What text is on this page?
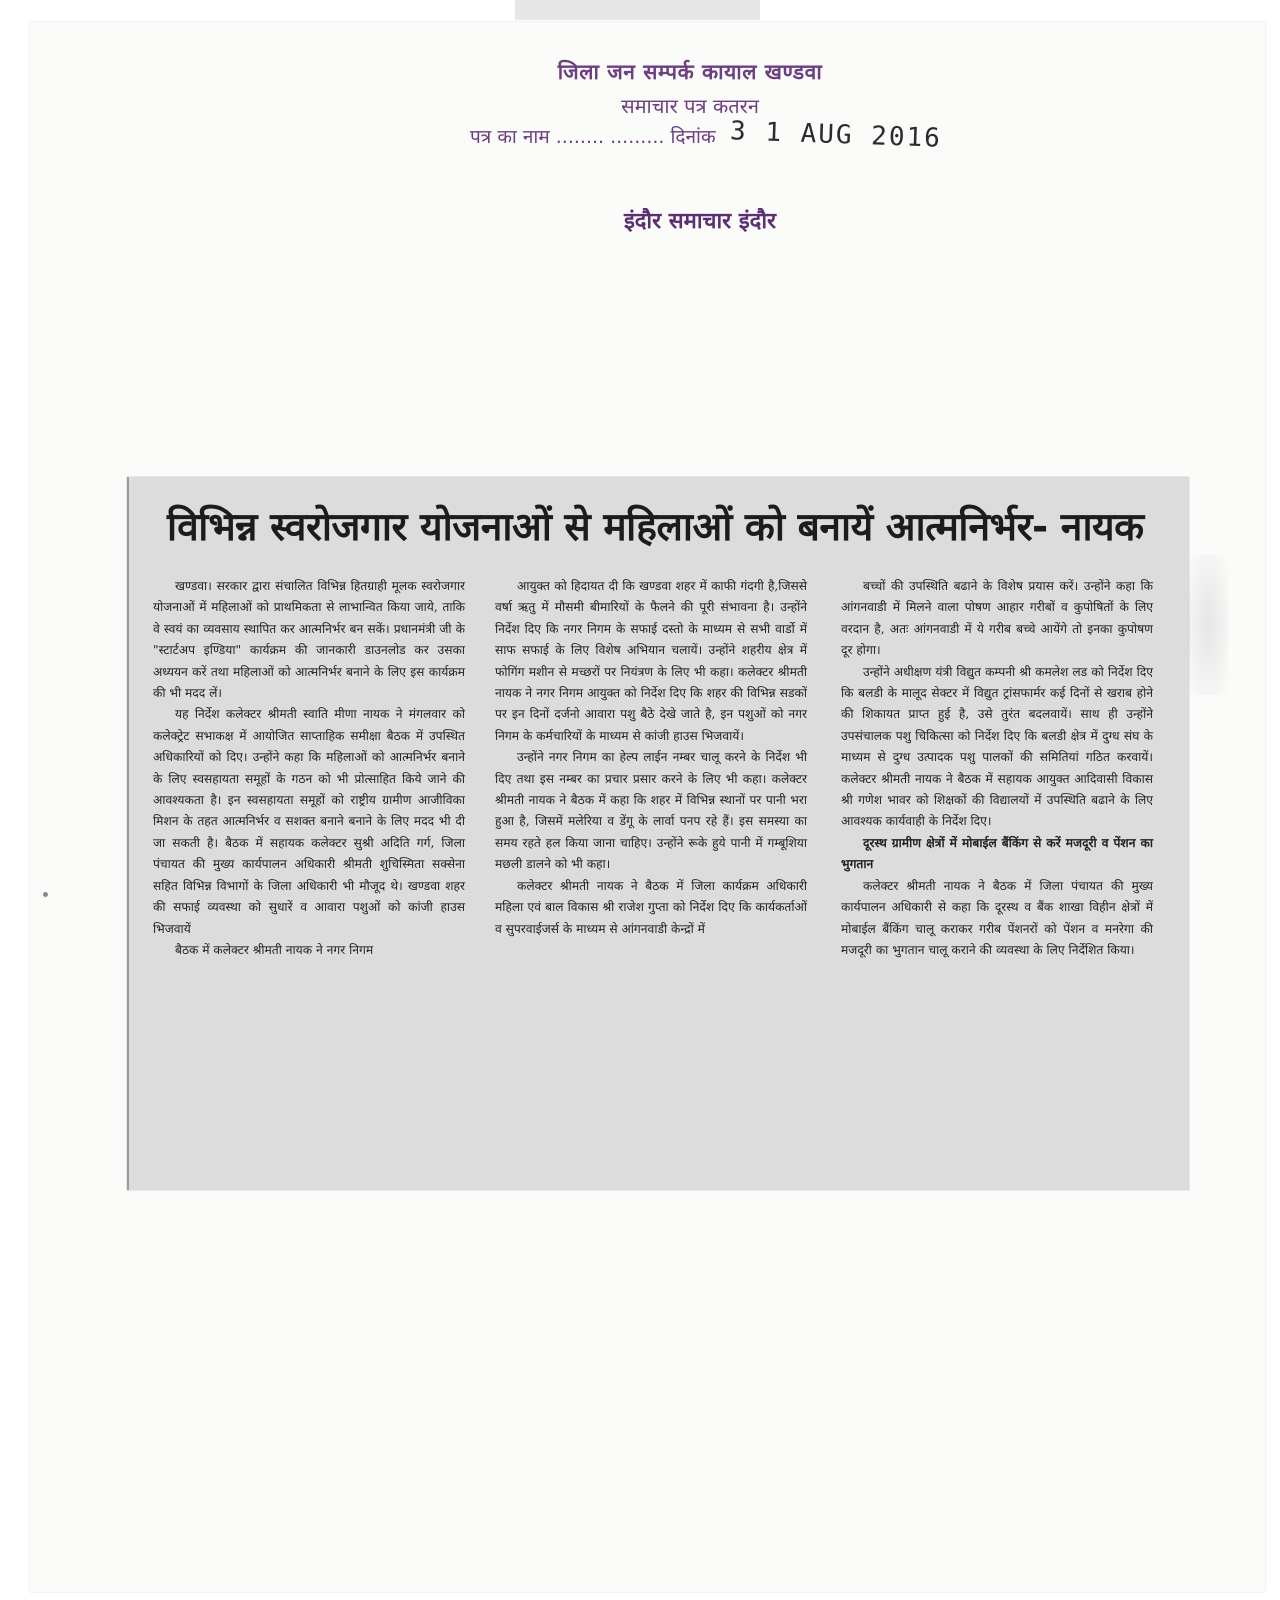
जिला जन सम्पर्क कायाल खण्डवा
समाचार पत्र कतरन
पत्र का नाम ........ ......... दिनांक 3 1 AUG 2016
इंदौर समाचार इंदौर
विभिन्न स्वरोजगार योजनाओं से महिलाओं को बनायें आत्मनिर्भर- नायक

खण्डवा। सरकार द्वारा संचालित विभिन्न हितग्राही मूलक स्वरोजगार योजनाओं में महिलाओं को प्राथमिकता से लाभान्वित किया जाये, ताकि वे स्वयं का व्यवसाय स्थापित कर आत्मनिर्भर बन सकें। प्रधानमंत्री जी के "स्टार्टअप इण्डिया" कार्यक्रम की जानकारी डाउनलोड कर उसका अध्ययन करें तथा महिलाओं को आत्मनिर्भर बनाने के लिए इस कार्यक्रम की भी मदद लें।

यह निर्देश कलेक्टर श्रीमती स्वाति मीणा नायक ने मंगलवार को कलेक्ट्रेट सभाकक्ष में आयोजित साप्ताहिक समीक्षा बैठक में उपस्थित अधिकारियों को दिए। उन्होंने कहा कि महिलाओं को आत्मनिर्भर बनाने के लिए स्वसहायता समूहों के गठन को भी प्रोत्साहित किये जाने की आवश्यकता है। इन स्वसहायता समूहों को राष्ट्रीय ग्रामीण आजीविका मिशन के तहत आत्मनिर्भर व सशक्त बनाने बनाने के लिए मदद भी दी जा सकती है। बैठक में सहायक कलेक्टर सुश्री अदिति गर्ग, जिला पंचायत की मुख्य कार्यपालन अधिकारी श्रीमती शुचिस्मिता सक्सेना सहित विभिन्न विभागों के जिला अधिकारी भी मौजूद थे। खण्डवा शहर की सफाई व्यवस्था को सुधारें व आवारा पशुओं को कांजी हाउस भिजवायें

बैठक में कलेक्टर श्रीमती नायक ने नगर निगम

आयुक्त को हिदायत दी कि खण्डवा शहर में काफी गंदगी है,जिससे वर्षा ऋतु में मौसमी बीमारियों के फैलने की पूरी संभावना है। उन्होंने निर्देश दिए कि नगर निगम के सफाई दस्तो के माध्यम से सभी वार्डो में साफ सफाई के लिए विशेष अभियान चलायें। उन्होंने शहरीय क्षेत्र में फोगिंग मशीन से मच्छरों पर नियंत्रण के लिए भी कहा। कलेक्टर श्रीमती नायक ने नगर निगम आयुक्त को निर्देश दिए कि शहर की विभिन्न सडकों पर इन दिनों दर्जनो आवारा पशु बैठे देखे जाते है, इन पशुओं को नगर निगम के कर्मचारियों के माध्यम से कांजी हाउस भिजवायें।

उन्होंने नगर निगम का हेल्प लाईन नम्बर चालू करने के निर्देश भी दिए तथा इस नम्बर का प्रचार प्रसार करने के लिए भी कहा। कलेक्टर श्रीमती नायक ने बैठक में कहा कि शहर में विभिन्न स्थानों पर पानी भरा हुआ है, जिसमें मलेरिया व डेंगू के लार्वा पनप रहे हैं। इस समस्या का समय रहते हल किया जाना चाहिए। उन्होंने रूके हुये पानी में गम्बूशिया मछली डालने को भी कहा।

कलेक्टर श्रीमती नायक ने बैठक में जिला कार्यक्रम अधिकारी महिला एवं बाल विकास श्री राजेश गुप्ता को निर्देश दिए कि कार्यकर्ताओं व सुपरवाईजर्स के माध्यम से आंगनवाडी केन्द्रों में

बच्चों की उपस्थिति बढाने के विशेष प्रयास करें। उन्होंने कहा कि आंगनवाडी में मिलने वाला पोषण आहार गरीबों व कुपोषितों के लिए वरदान है, अतः आंगनवाडी में ये गरीब बच्चे आयेंगे तो इनका कुपोषण दूर होगा।

उन्होंने अधीक्षण यंत्री विद्युत कम्पनी श्री कमलेश लड को निर्देश दिए कि बलडी के मालूद सेक्टर में विद्युत ट्रांसफार्मर कई दिनों से खराब होने की शिकायत प्राप्त हुई है, उसे तुरंत बदलवायें। साथ ही उन्होंने उपसंचालक पशु चिकित्सा को निर्देश दिए कि बलडी क्षेत्र में दुग्ध संघ के माध्यम से दुग्ध उत्पादक पशु पालकों की समितियां गठित करवायें। कलेक्टर श्रीमती नायक ने बैठक में सहायक आयुक्त आदिवासी विकास श्री गणेश भावर को शिक्षकों की विद्यालयों में उपस्थिति बढाने के लिए आवश्यक कार्यवाही के निर्देश दिए।

दूरस्थ ग्रामीण क्षेत्रों में मोबाईल बैंकिंग से करें मजदूरी व पेंशन का भुगतान

कलेक्टर श्रीमती नायक ने बैठक में जिला पंचायत की मुख्य कार्यपालन अधिकारी से कहा कि दूरस्थ व बैंक शाखा विहीन क्षेत्रों में मोबाईल बैंकिंग चालू कराकर गरीब पेंशनरों को पेंशन व मनरेगा की मजदूरी का भुगतान चालू कराने की व्यवस्था के लिए निर्देशित किया।
